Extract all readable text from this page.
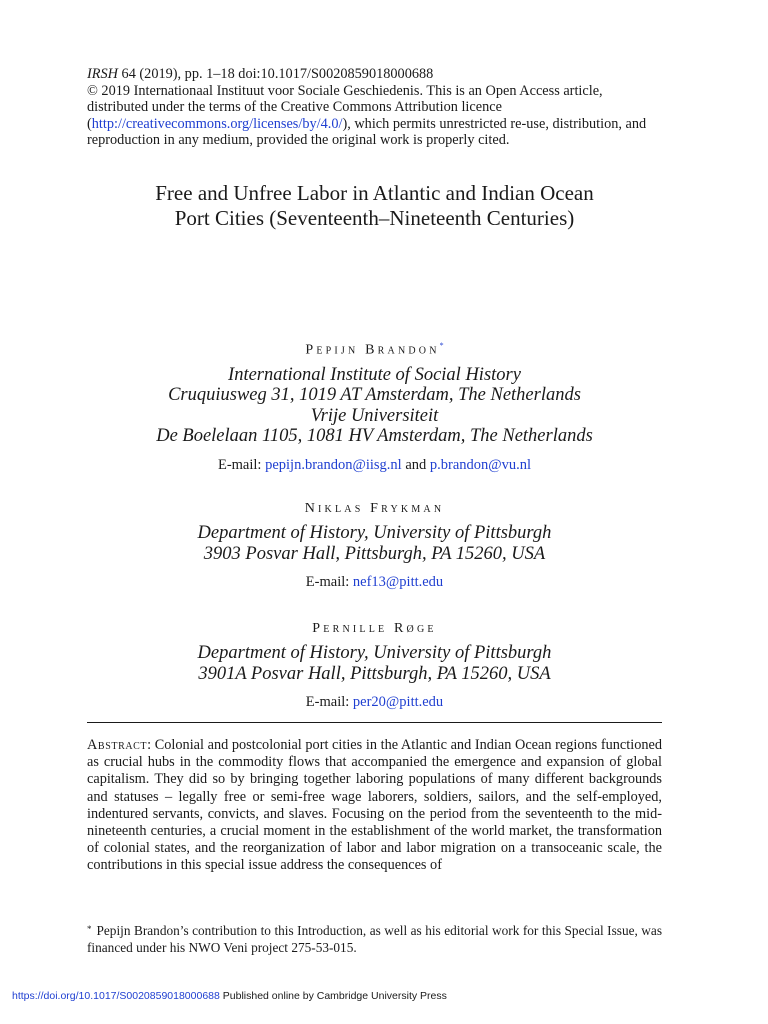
IRSH 64 (2019), pp. 1–18 doi:10.1017/S0020859018000688
© 2019 Internationaal Instituut voor Sociale Geschiedenis. This is an Open Access article, distributed under the terms of the Creative Commons Attribution licence (http://creativecommons.org/licenses/by/4.0/), which permits unrestricted re-use, distribution, and reproduction in any medium, provided the original work is properly cited.
Free and Unfree Labor in Atlantic and Indian Ocean
Port Cities (Seventeenth–Nineteenth Centuries)
Pepijn Brandon*
International Institute of Social History
Cruquiusweg 31, 1019 AT Amsterdam, The Netherlands
Vrije Universiteit
De Boelelaan 1105, 1081 HV Amsterdam, The Netherlands
E-mail: pepijn.brandon@iisg.nl and p.brandon@vu.nl
Niklas Frykman
Department of History, University of Pittsburgh
3903 Posvar Hall, Pittsburgh, PA 15260, USA
E-mail: nef13@pitt.edu
Pernille Røge
Department of History, University of Pittsburgh
3901A Posvar Hall, Pittsburgh, PA 15260, USA
E-mail: per20@pitt.edu
Abstract: Colonial and postcolonial port cities in the Atlantic and Indian Ocean regions functioned as crucial hubs in the commodity flows that accompanied the emergence and expansion of global capitalism. They did so by bringing together laboring populations of many different backgrounds and statuses – legally free or semi-free wage laborers, soldiers, sailors, and the self-employed, indentured servants, convicts, and slaves. Focusing on the period from the seventeenth to the mid-nineteenth centuries, a crucial moment in the establishment of the world market, the transformation of colonial states, and the reorganization of labor and labor migration on a transoceanic scale, the contributions in this special issue address the consequences of
* Pepijn Brandon’s contribution to this Introduction, as well as his editorial work for this Special Issue, was financed under his NWO Veni project 275-53-015.
https://doi.org/10.1017/S0020859018000688 Published online by Cambridge University Press
